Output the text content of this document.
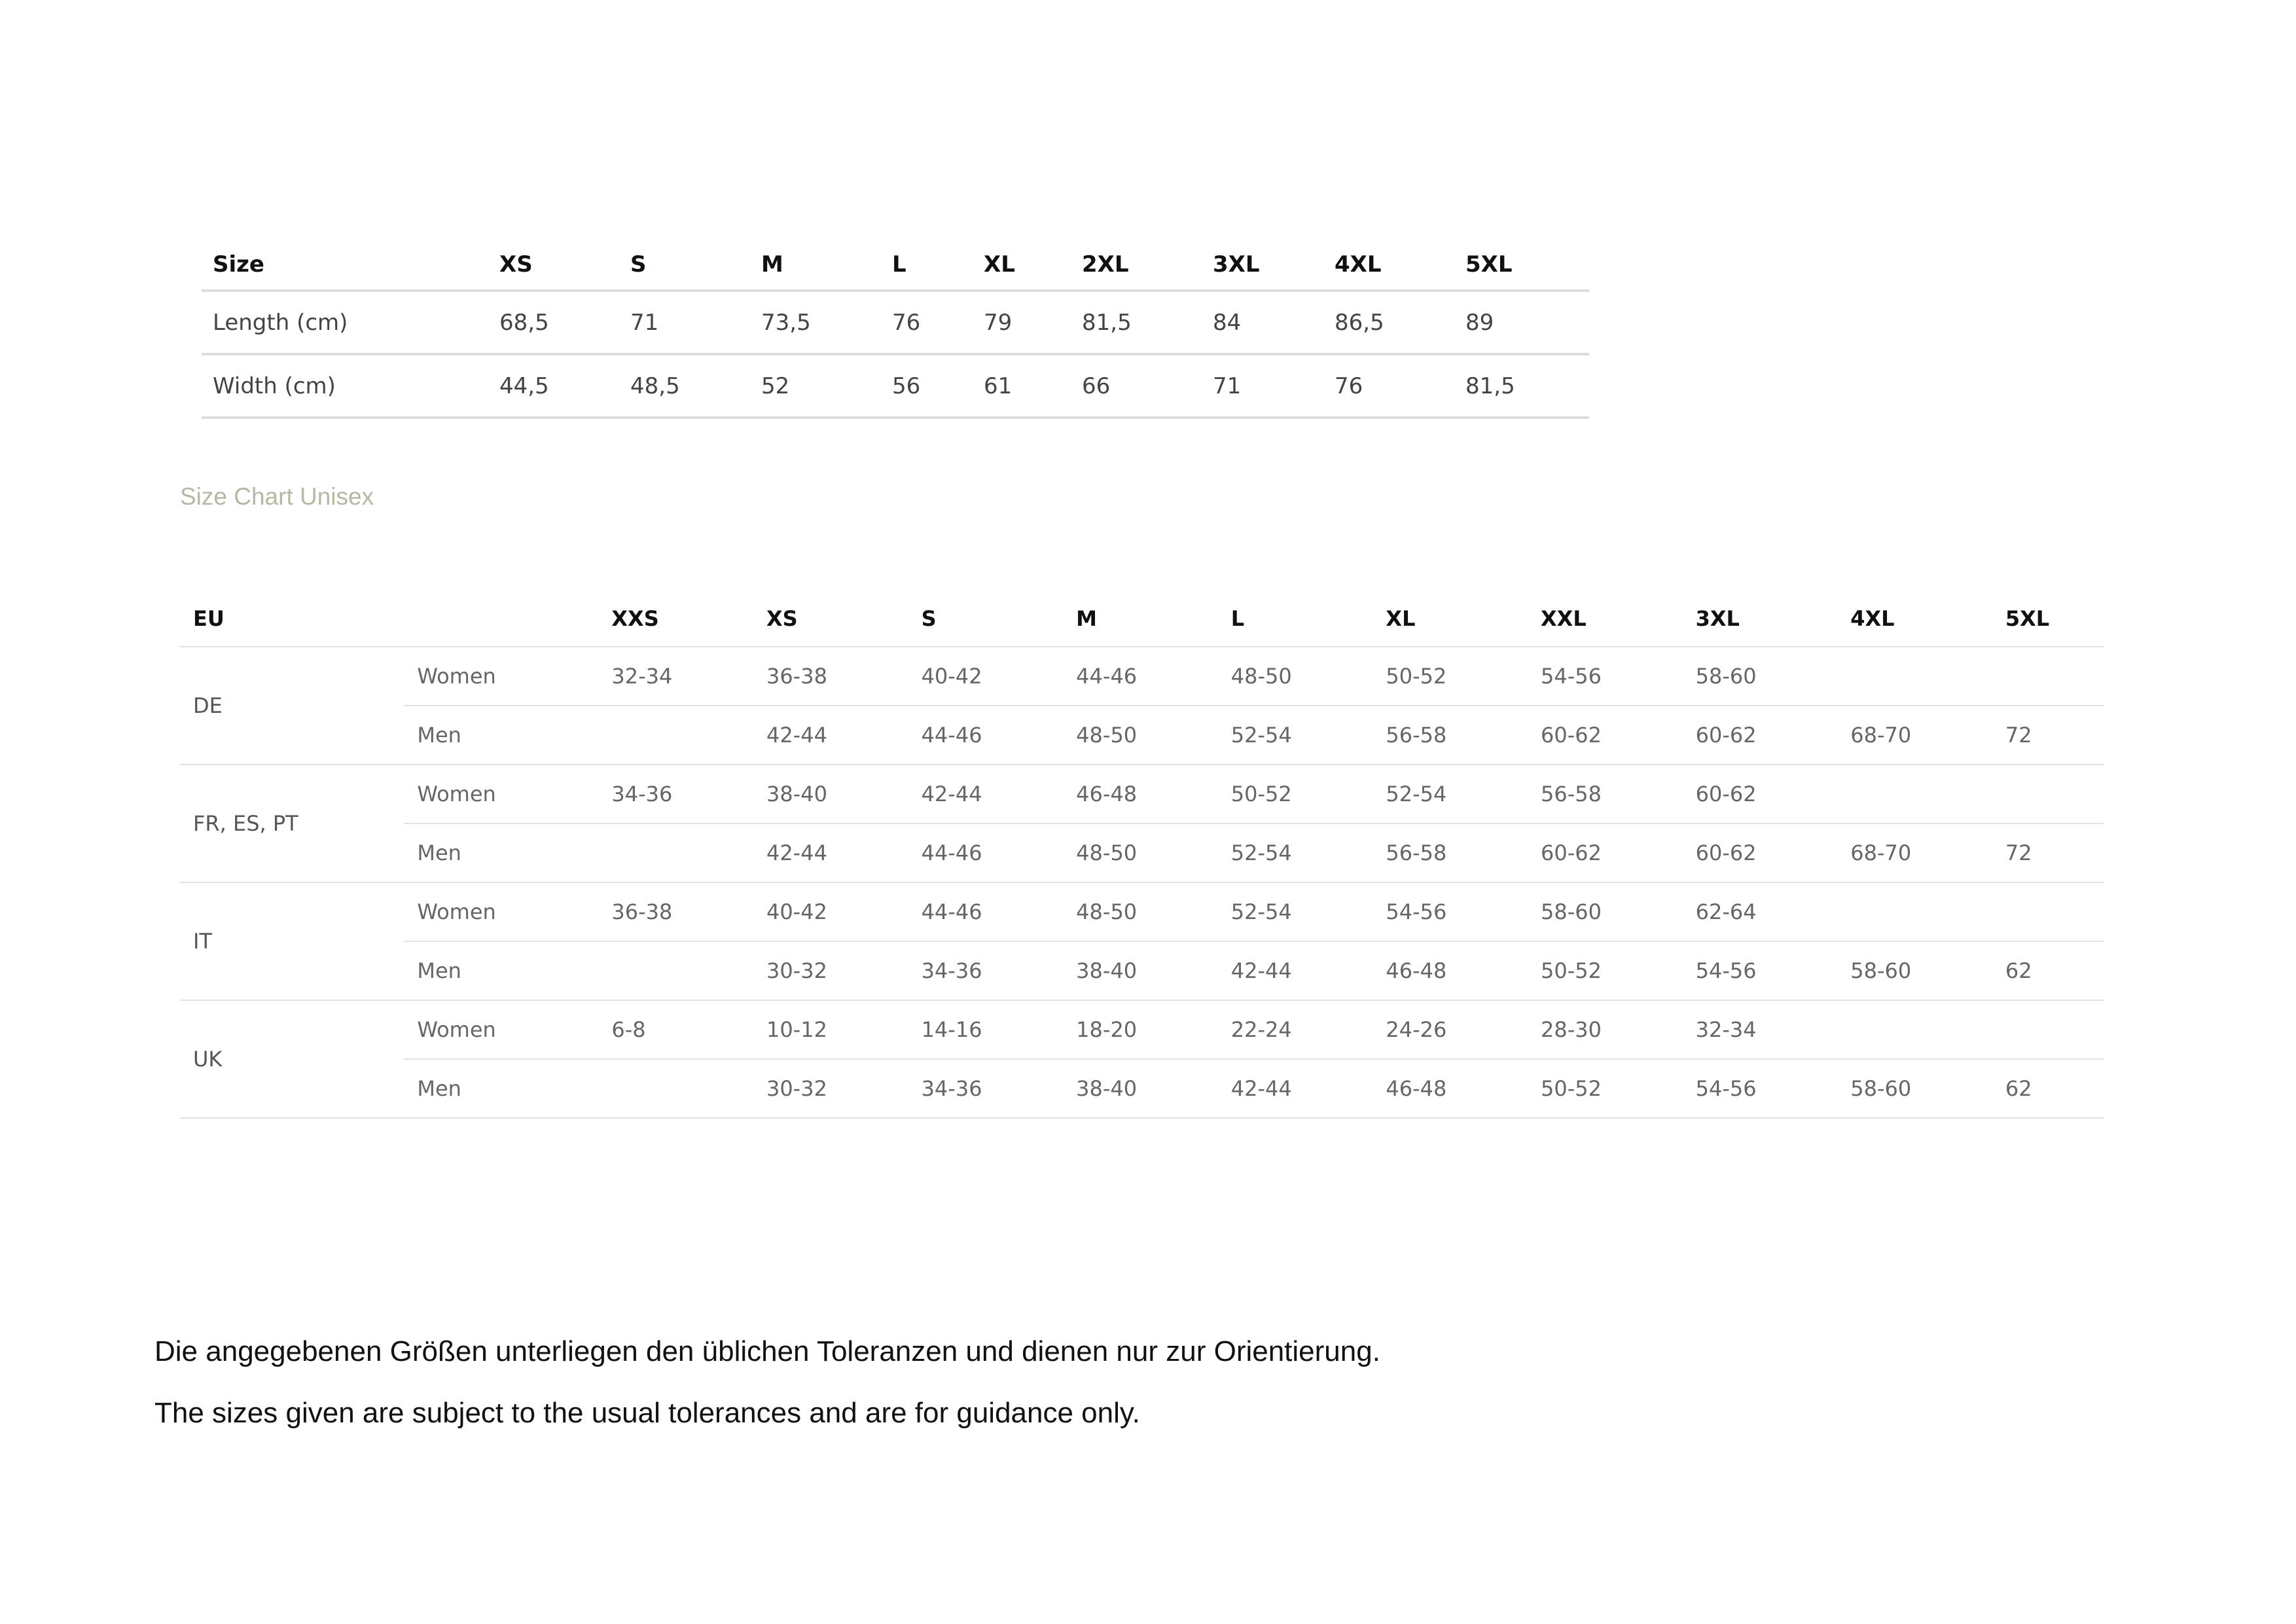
Size	XS	S	M	L	XL	2XL	3XL	4XL	5XL
Length (cm)	68,5	71	73,5	76	79	81,5	84	86,5	89
Width (cm)	44,5	48,5	52	56	61	66	71	76	81,5
Size Chart Unisex
EU		XXS	XS	S	M	L	XL	XXL	3XL	4XL	5XL
DE	Women	32-34	36-38	40-42	44-46	48-50	50-52	54-56	58-60		
	Men		42-44	44-46	48-50	52-54	56-58	60-62	60-62	68-70	72
FR, ES, PT	Women	34-36	38-40	42-44	46-48	50-52	52-54	56-58	60-62		
	Men		42-44	44-46	48-50	52-54	56-58	60-62	60-62	68-70	72
IT	Women	36-38	40-42	44-46	48-50	52-54	54-56	58-60	62-64		
	Men		30-32	34-36	38-40	42-44	46-48	50-52	54-56	58-60	62
UK	Women	6-8	10-12	14-16	18-20	22-24	24-26	28-30	32-34		
	Men		30-32	34-36	38-40	42-44	46-48	50-52	54-56	58-60	62

Die angegebenen Größen unterliegen den üblichen Toleranzen und dienen nur zur Orientierung.

The sizes given are subject to the usual tolerances and are for guidance only.
